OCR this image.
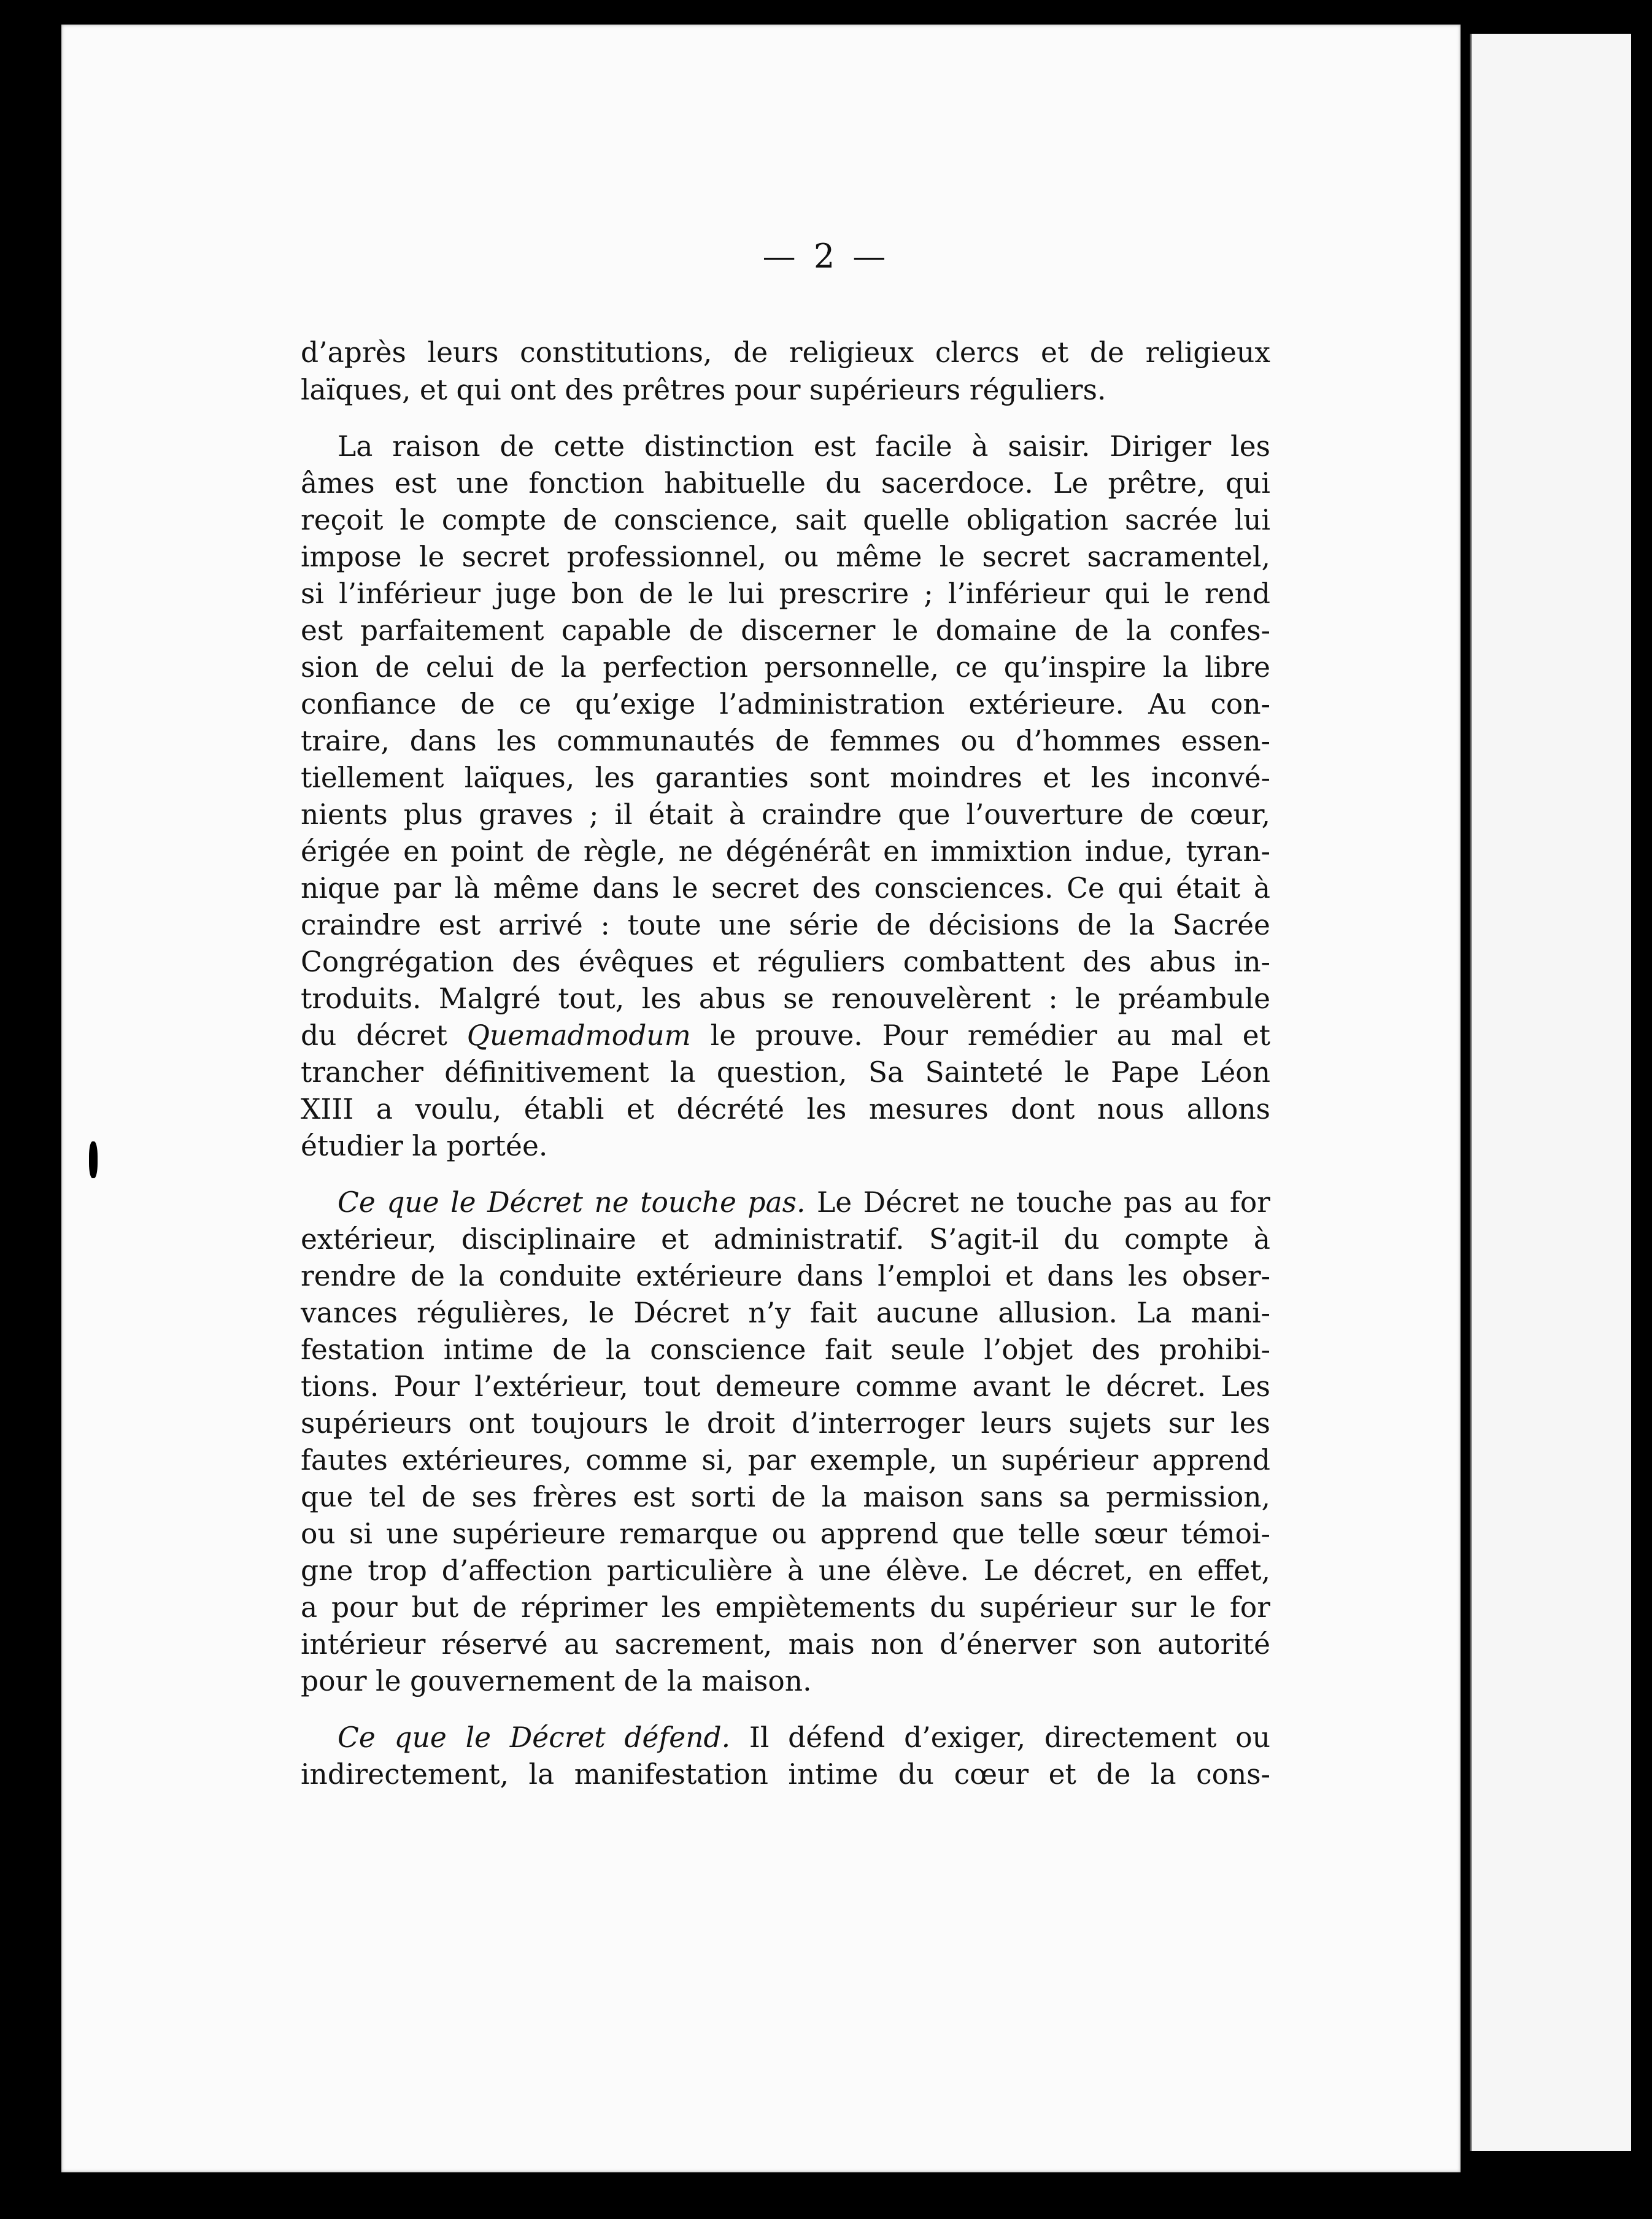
— 2 —
d’après leurs constitutions, de religieux clercs et de religieux
laïques, et qui ont des prêtres pour supérieurs réguliers.
La raison de cette distinction est facile à saisir. Diriger les
âmes est une fonction habituelle du sacerdoce. Le prêtre, qui
reçoit le compte de conscience, sait quelle obligation sacrée lui
impose le secret professionnel, ou même le secret sacramentel,
si l’inférieur juge bon de le lui prescrire ; l’inférieur qui le rend
est parfaitement capable de discerner le domaine de la confes-
sion de celui de la perfection personnelle, ce qu’inspire la libre
confiance de ce qu’exige l’administration extérieure. Au con-
traire, dans les communautés de femmes ou d’hommes essen-
tiellement laïques, les garanties sont moindres et les inconvé-
nients plus graves ; il était à craindre que l’ouverture de cœur,
érigée en point de règle, ne dégénérât en immixtion indue, tyran-
nique par là même dans le secret des consciences. Ce qui était à
craindre est arrivé : toute une série de décisions de la Sacrée
Congrégation des évêques et réguliers combattent des abus in-
troduits. Malgré tout, les abus se renouvelèrent : le préambule
du décret Quemadmodum le prouve. Pour remédier au mal et
trancher définitivement la question, Sa Sainteté le Pape Léon
XIII a voulu, établi et décrété les mesures dont nous allons
étudier la portée.
Ce que le Décret ne touche pas. Le Décret ne touche pas au for
extérieur, disciplinaire et administratif. S’agit-il du compte à
rendre de la conduite extérieure dans l’emploi et dans les obser-
vances régulières, le Décret n’y fait aucune allusion. La mani-
festation intime de la conscience fait seule l’objet des prohibi-
tions. Pour l’extérieur, tout demeure comme avant le décret. Les
supérieurs ont toujours le droit d’interroger leurs sujets sur les
fautes extérieures, comme si, par exemple, un supérieur apprend
que tel de ses frères est sorti de la maison sans sa permission,
ou si une supérieure remarque ou apprend que telle sœur témoi-
gne trop d’affection particulière à une élève. Le décret, en effet,
a pour but de réprimer les empiètements du supérieur sur le for
intérieur réservé au sacrement, mais non d’énerver son autorité
pour le gouvernement de la maison.
Ce que le Décret défend. Il défend d’exiger, directement ou
indirectement, la manifestation intime du cœur et de la cons-
